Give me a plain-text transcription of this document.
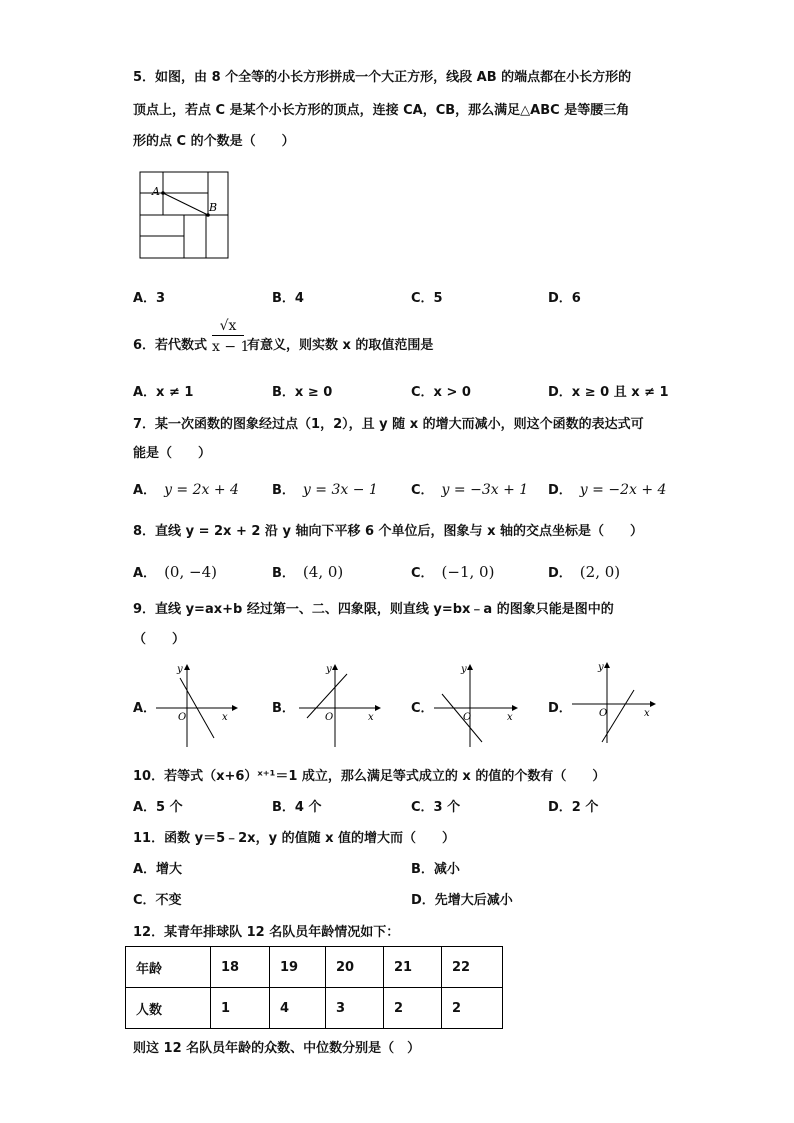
5．如图，由 8 个全等的小长方形拼成一个大正方形，线段 AB 的端点都在小长方形的
顶点上，若点 C 是某个小长方形的顶点，连接 CA，CB，那么满足△ABC 是等腰三角
形的点 C 的个数是（　　）
A
B
A．3	B．4	C．5	D．6
6．若代数式 $\frac{√x}{x - 1}$ 有意义，则实数 x 的取值范围是
A．x ≠ 1	B．x ≥ 0	C．x > 0	D．x ≥ 0 且 x ≠ 1
7．某一次函数的图象经过点（1，2），且 y 随 x 的增大而减小，则这个函数的表达式可
能是（　　）
A． y = 2x + 4	B． y = 3x − 1	C． y = −3x + 1 D． y = −2x + 4
8．直线 y = 2x + 2 沿 y 轴向下平移 6 个单位后，图象与 x 轴的交点坐标是（　　）
A． (0, −4)	B． (4, 0)	C． (−1, 0)	D． (2, 0)
9．直线 y=ax+b 经过第一、二、四象限，则直线 y=bx﹣a 的图象只能是图中的
（　　）
A．	B．	C．	D．
y
x
O
y
x
O
y
x
O
y
x
O
10．若等式（x+6）ˣ⁺¹＝1 成立，那么满足等式成立的 x 的值的个数有（　　）
A．5 个	B．4 个	C．3 个	D．2 个
11．函数 y＝5﹣2x，y 的值随 x 值的增大而（　　）
A．增大	B．减小
C．不变	D．先增大后减小
12．某青年排球队 12 名队员年龄情况如下：
年龄	18	19	20	21	22
人数	1	4	3	2	2
则这 12 名队员年龄的众数、中位数分别是（　）
